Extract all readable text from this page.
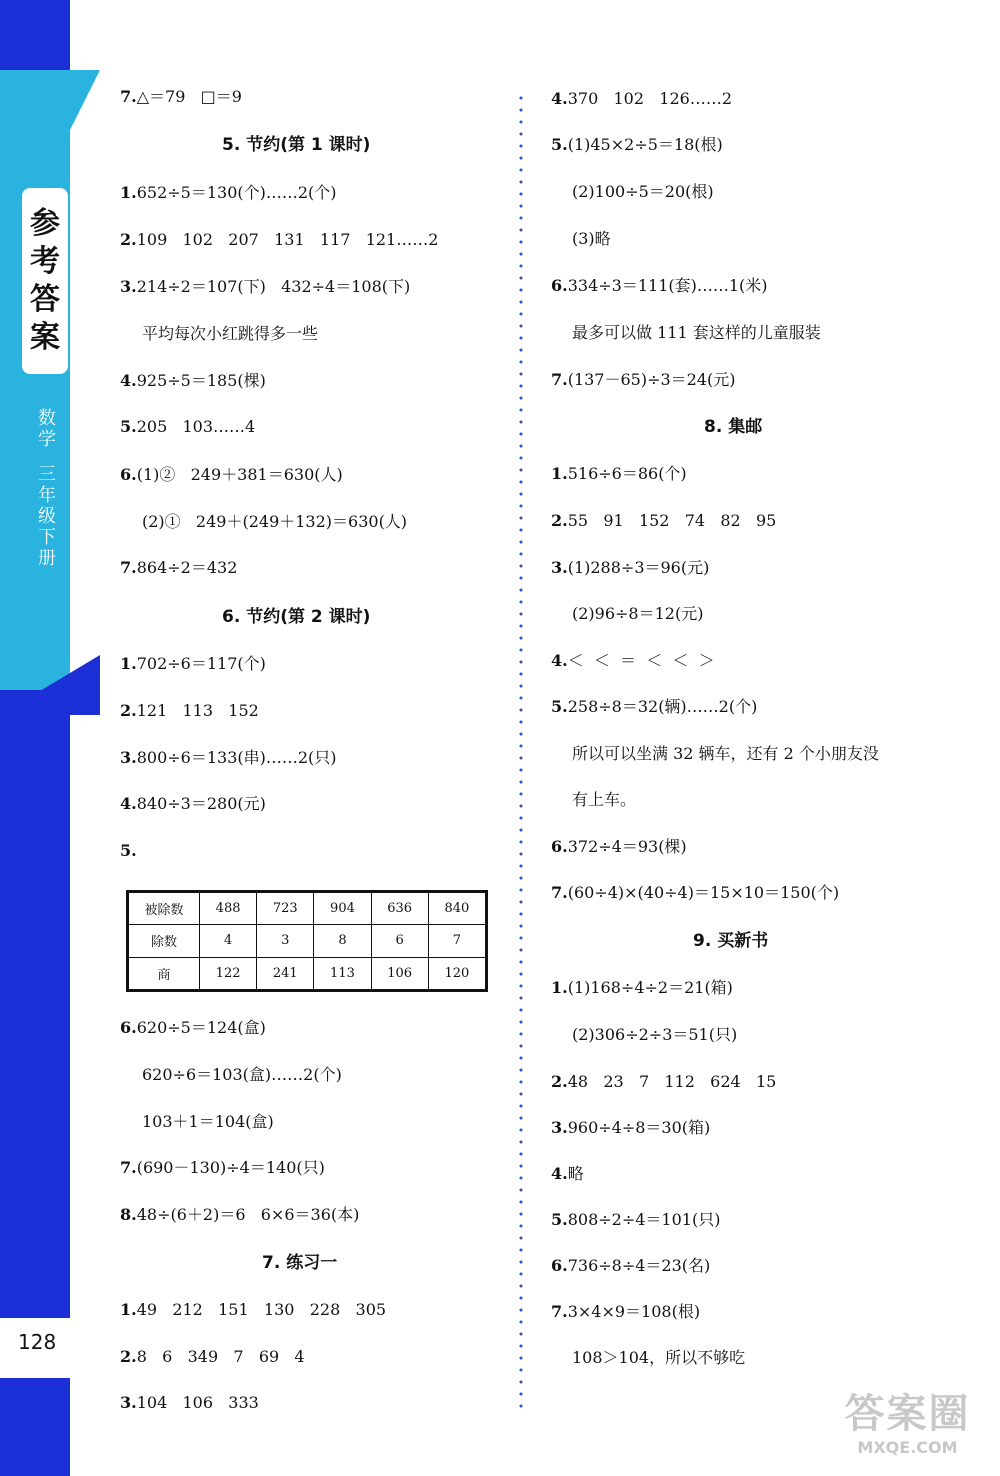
参
考
答
案
数
学
三
年
级
下
册
128
7.△＝79   □＝9
5. 节约(第 1 课时)
1.652÷5＝130(个)……2(个)
2.109   102   207   131   117   121……2
3.214÷2＝107(下)   432÷4＝108(下)
平均每次小红跳得多一些
4.925÷5＝185(棵)
5.205   103……4
6.(1)②   249＋381＝630(人)
(2)①   249＋(249＋132)＝630(人)
7.864÷2＝432
6. 节约(第 2 课时)
1.702÷6＝117(个)
2.121   113   152
3.800÷6＝133(串)……2(只)
4.840÷3＝280(元)
5.
6.620÷5＝124(盒)
620÷6＝103(盒)……2(个)
103＋1＝104(盒)
7.(690－130)÷4＝140(只)
8.48÷(6＋2)＝6   6×6＝36(本)
7. 练习一
1.49   212   151   130   228   305
2.8   6   349   7   69   4
3.104   106   333
4.370   102   126……2
5.(1)45×2÷5＝18(根)
(2)100÷5＝20(根)
(3)略
6.334÷3＝111(套)……1(米)
最多可以做 111 套这样的儿童服装
7.(137－65)÷3＝24(元)
8. 集邮
1.516÷6＝86(个)
2.55   91   152   74   82   95
3.(1)288÷3＝96(元)
(2)96÷8＝12(元)
4.＜  ＜  ＝  ＜  ＜  ＞
5.258÷8＝32(辆)……2(个)
所以可以坐满 32 辆车，还有 2 个小朋友没
有上车。
6.372÷4＝93(棵)
7.(60÷4)×(40÷4)＝15×10＝150(个)
9. 买新书
1.(1)168÷4÷2＝21(箱)
(2)306÷2÷3＝51(只)
2.48   23   7   112   624   15
3.960÷4÷8＝30(箱)
4.略
5.808÷2÷4＝101(只)
6.736÷8÷4＝23(名)
7.3×4×9＝108(根)
108＞104，所以不够吃
被除数	488	723	904	636	840
除数	4	3	8	6	7
商	122	241	113	106	120
答案圈
MXQE.COM
